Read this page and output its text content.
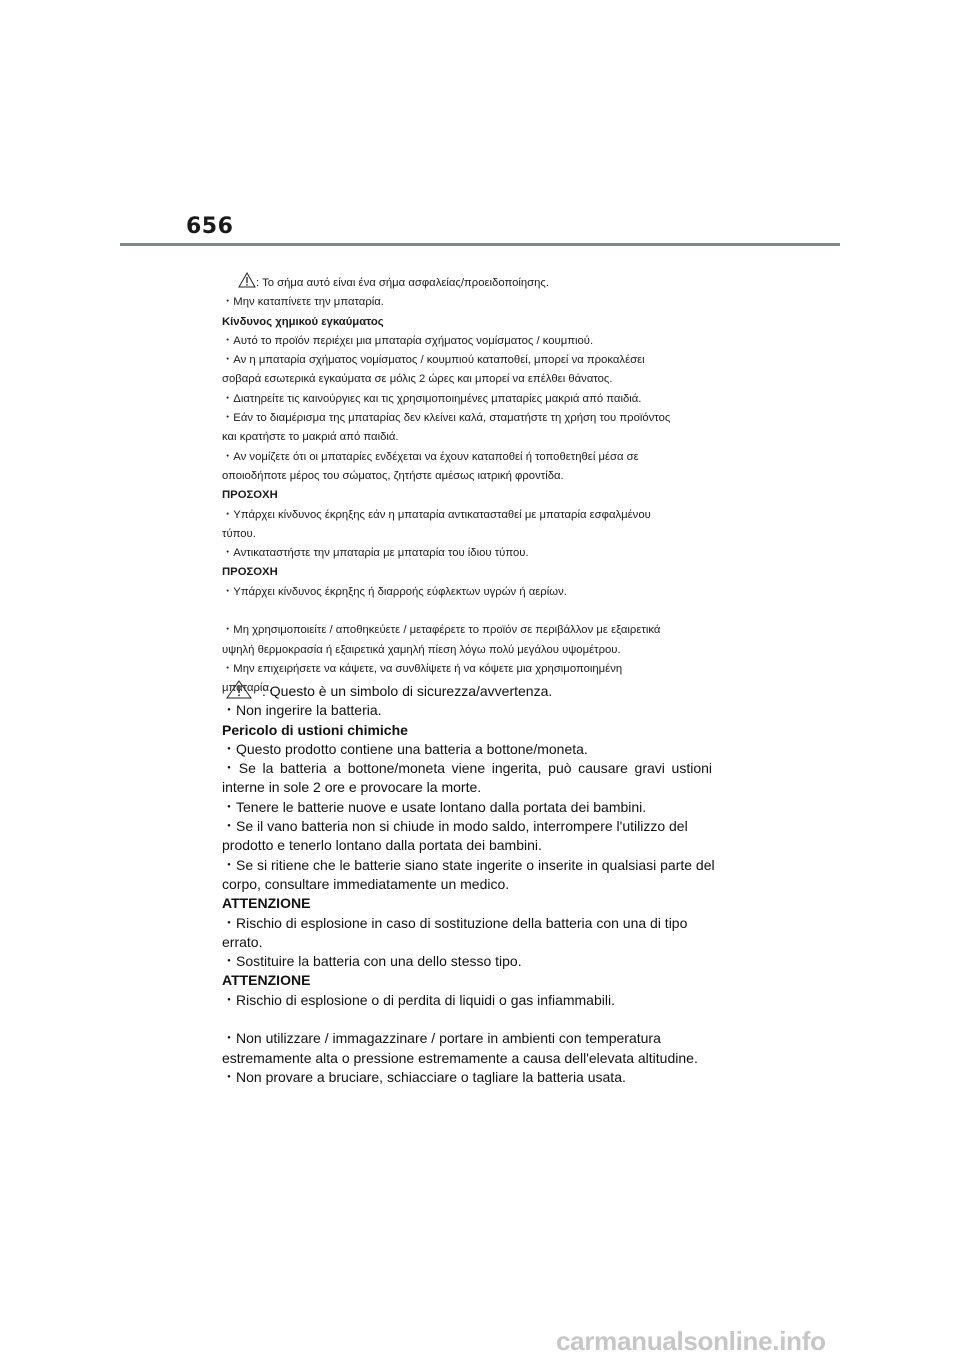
656
: Το σήμα αυτό είναι ένα σήμα ασφαλείας/προειδοποίησης.
・Μην καταπίνετε την μπαταρία.
Κίνδυνος χημικού εγκαύματος
・Αυτό το προϊόν περιέχει μια μπαταρία σχήματος νομίσματος / κουμπιού.
・Αν η μπαταρία σχήματος νομίσματος / κουμπιού καταποθεί, μπορεί να προκαλέσει
σοβαρά εσωτερικά εγκαύματα σε μόλις 2 ώρες και μπορεί να επέλθει θάνατος.
・Διατηρείτε τις καινούργιες και τις χρησιμοποιημένες μπαταρίες μακριά από παιδιά.
・Εάν το διαμέρισμα της μπαταρίας δεν κλείνει καλά, σταματήστε τη χρήση του προϊόντος
και κρατήστε το μακριά από παιδιά.
・Αν νομίζετε ότι οι μπαταρίες ενδέχεται να έχουν καταποθεί ή τοποθετηθεί μέσα σε
οποιοδήποτε μέρος του σώματος, ζητήστε αμέσως ιατρική φροντίδα.
ΠΡΟΣΟΧΗ
・Υπάρχει κίνδυνος έκρηξης εάν η μπαταρία αντικατασταθεί με μπαταρία εσφαλμένου
τύπου.
・Αντικαταστήστε την μπαταρία με μπαταρία του ίδιου τύπου.
ΠΡΟΣΟΧΗ
・Υπάρχει κίνδυνος έκρηξης ή διαρροής εύφλεκτων υγρών ή αερίων.
・Μη χρησιμοποιείτε / αποθηκεύετε / μεταφέρετε το προϊόν σε περιβάλλον με εξαιρετικά
υψηλή θερμοκρασία ή εξαιρετικά χαμηλή πίεση λόγω πολύ μεγάλου υψομέτρου.
・Μην επιχειρήσετε να κάψετε, να συνθλίψετε ή να κόψετε μια χρησιμοποιημένη
μπαταρία.
: Questo è un simbolo di sicurezza/avvertenza.
・Non ingerire la batteria.
Pericolo di ustioni chimiche
・Questo prodotto contiene una batteria a bottone/moneta.
・Se la batteria a bottone/moneta viene ingerita, può causare gravi ustioni
interne in sole 2 ore e provocare la morte.
・Tenere le batterie nuove e usate lontano dalla portata dei bambini.
・Se il vano batteria non si chiude in modo saldo, interrompere l'utilizzo del
prodotto e tenerlo lontano dalla portata dei bambini.
・Se si ritiene che le batterie siano state ingerite o inserite in qualsiasi parte del
corpo, consultare immediatamente un medico.
ATTENZIONE
・Rischio di esplosione in caso di sostituzione della batteria con una di tipo
errato.
・Sostituire la batteria con una dello stesso tipo.
ATTENZIONE
・Rischio di esplosione o di perdita di liquidi o gas infiammabili.
・Non utilizzare / immagazzinare / portare in ambienti con temperatura
estremamente alta o pressione estremamente a causa dell'elevata altitudine.
・Non provare a bruciare, schiacciare o tagliare la batteria usata.
carmanualsonline.info
